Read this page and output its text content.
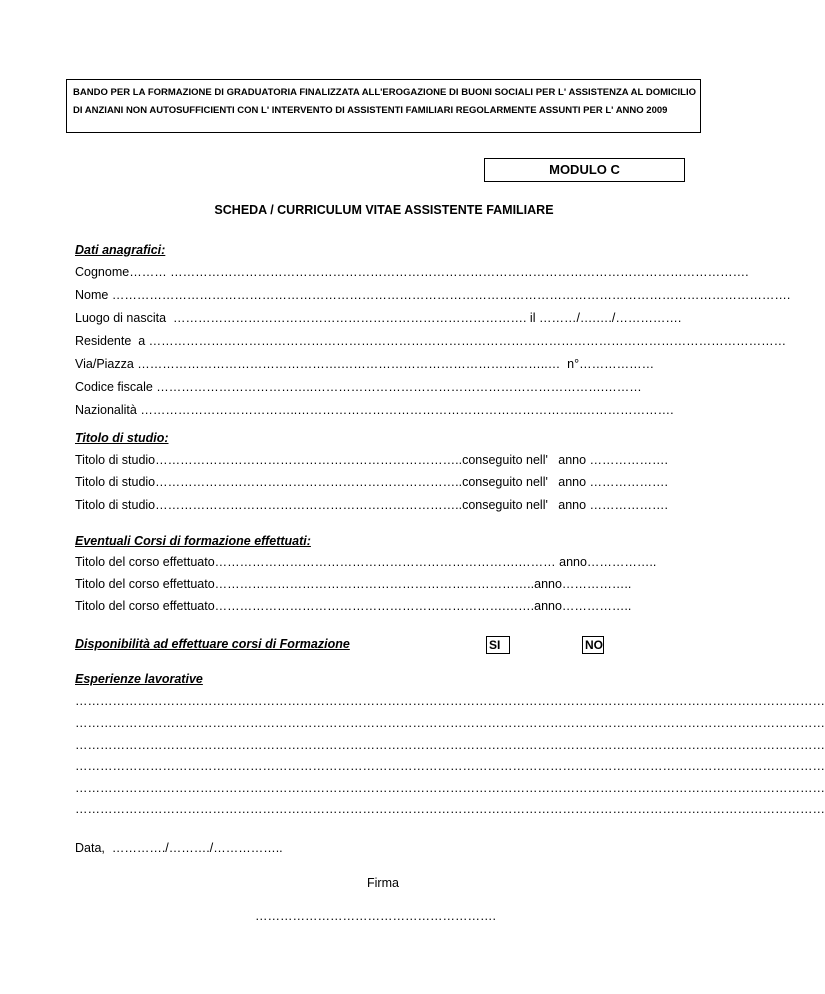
BANDO PER LA FORMAZIONE DI GRADUATORIA FINALIZZATA ALL'EROGAZIONE DI BUONI SOCIALI PER L' ASSISTENZA AL DOMICILIO DI ANZIANI NON AUTOSUFFICIENTI CON L' INTERVENTO DI ASSISTENTI FAMILIARI REGOLARMENTE ASSUNTI PER L' ANNO 2009
MODULO C
SCHEDA / CURRICULUM VITAE ASSISTENTE FAMILIARE
Dati anagrafici:
Cognome……… ………………………………………………………………………………………………………………………….
Nome ……………………………………………………………………………………………………………………………………………….
Luogo di nascita  …………………………………………………………………………. il ………/….…./…………….
Residente  a ………………………………………………………………………………………………………………………………………
Via/Piazza ………………………………………….…………………………………………..…  n°………………
Codice fiscale ………………………………..…………………………………………………………….………
Nazionalità ………………………………..…………………………………………………………...………………….
Titolo di studio:
Titolo di studio………………………………………………………………..conseguito nell'   anno ……………….
Titolo di studio………………………………………………………………..conseguito nell'   anno ……………….
Titolo di studio………………………………………………………………..conseguito nell'   anno ……………….
Eventuali Corsi di formazione effettuati:
Titolo del corso effettuato……………………………………………………………….……… anno……………..
Titolo del corso effettuato…………………………………………………………………..anno……………..
Titolo del corso effettuato…………………………………………………………….…….anno……………..
Disponibilità ad effettuare corsi di Formazione	SI	NO
Esperienze lavorative
………………………………………………………………………………………………………………………………………………………………
………………………………………………………………………………………………………………………………………………………………
………………………………………………………………………………………………………………………………………………………………
………………………………………………………………………………………………………………………………………………………………
………………………………………………………………………………………………………………………………………………………………
………………………………………………………………………………………………………………………………………………………………
Data,  …………./………./……………..
Firma
………………………………………………….
